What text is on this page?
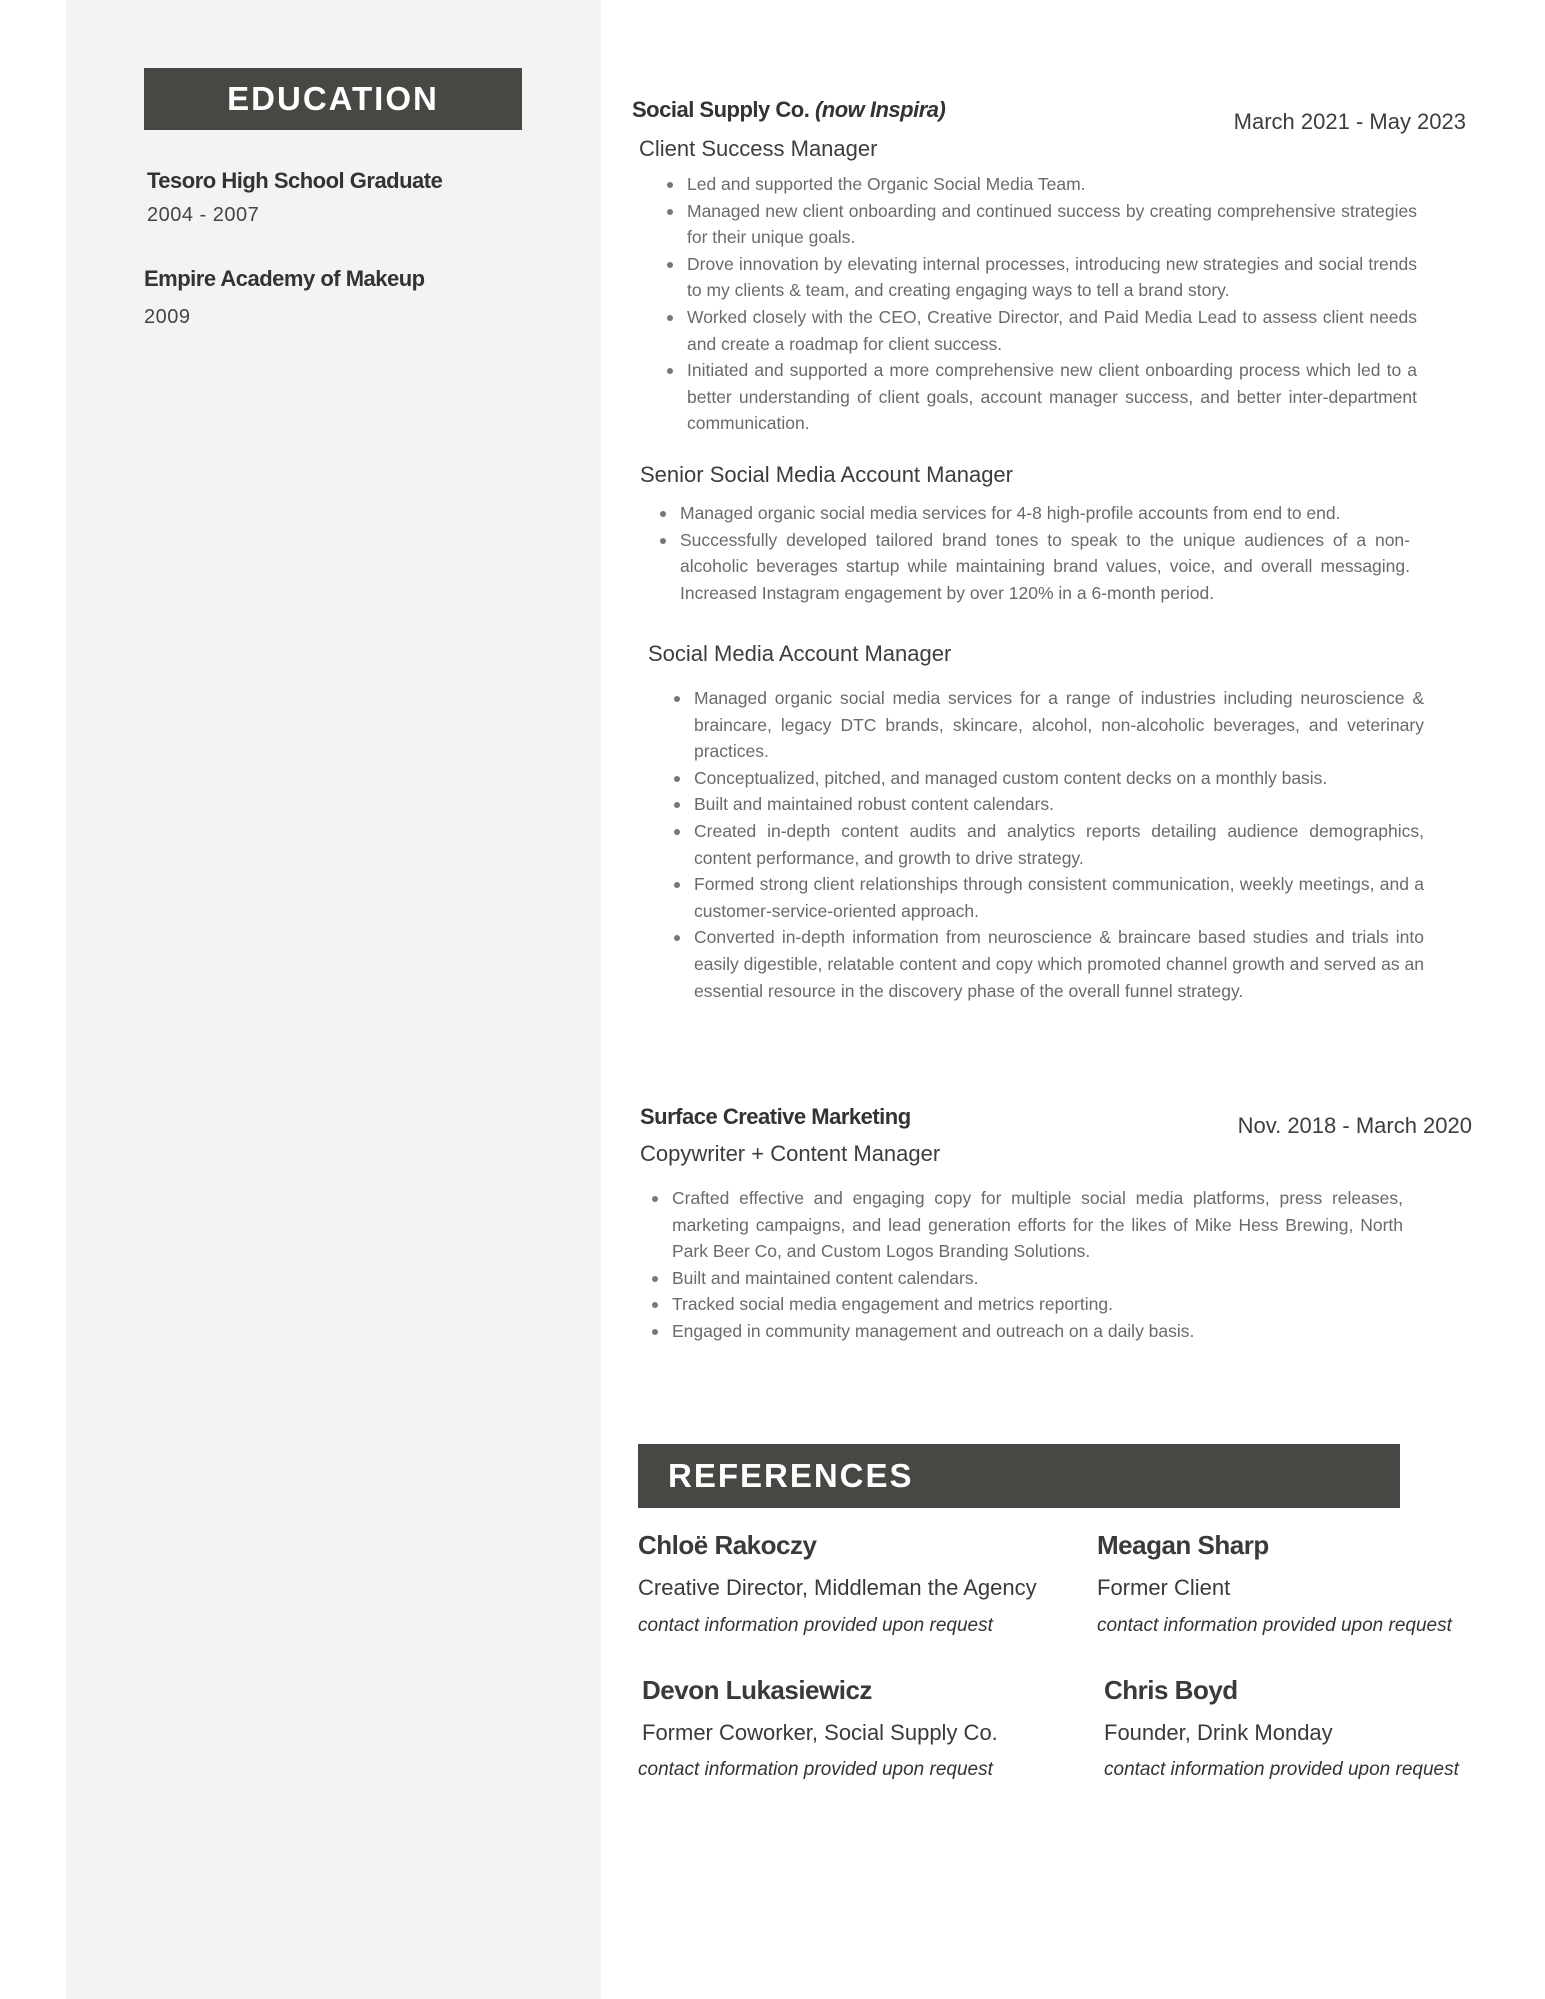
EDUCATION
Tesoro High School Graduate
2004 - 2007
Empire Academy of Makeup
2009
Social Supply Co. (now Inspira)	March 2021 - May 2023
Client Success Manager
Led and supported the Organic Social Media Team.
Managed new client onboarding and continued success by creating comprehensive strategies for their unique goals.
Drove innovation by elevating internal processes, introducing new strategies and social trends to my clients & team, and creating engaging ways to tell a brand story.
Worked closely with the CEO, Creative Director, and Paid Media Lead to assess client needs and create a roadmap for client success.
Initiated and supported a more comprehensive new client onboarding process which led to a better understanding of client goals, account manager success, and better inter-department communication.
Senior Social Media Account Manager
Managed organic social media services for 4-8 high-profile accounts from end to end.
Successfully developed tailored brand tones to speak to the unique audiences of a non-alcoholic beverages startup while maintaining brand values, voice, and overall messaging. Increased Instagram engagement by over 120% in a 6-month period.
Social Media Account Manager
Managed organic social media services for a range of industries including neuroscience & braincare, legacy DTC brands, skincare, alcohol, non-alcoholic beverages, and veterinary practices.
Conceptualized, pitched, and managed custom content decks on a monthly basis.
Built and maintained robust content calendars.
Created in-depth content audits and analytics reports detailing audience demographics, content performance, and growth to drive strategy.
Formed strong client relationships through consistent communication, weekly meetings, and a customer-service-oriented approach.
Converted in-depth information from neuroscience & braincare based studies and trials into easily digestible, relatable content and copy which promoted channel growth and served as an essential resource in the discovery phase of the overall funnel strategy.
Surface Creative Marketing	Nov. 2018 - March 2020
Copywriter + Content Manager
Crafted effective and engaging copy for multiple social media platforms, press releases, marketing campaigns, and lead generation efforts for the likes of Mike Hess Brewing, North Park Beer Co, and Custom Logos Branding Solutions.
Built and maintained content calendars.
Tracked social media engagement and metrics reporting.
Engaged in community management and outreach on a daily basis.
REFERENCES
Chloë Rakoczy
Creative Director, Middleman the Agency
contact information provided upon request
Meagan Sharp
Former Client
contact information provided upon request
Devon Lukasiewicz
Former Coworker, Social Supply Co.
contact information provided upon request
Chris Boyd
Founder, Drink Monday
contact information provided upon request
